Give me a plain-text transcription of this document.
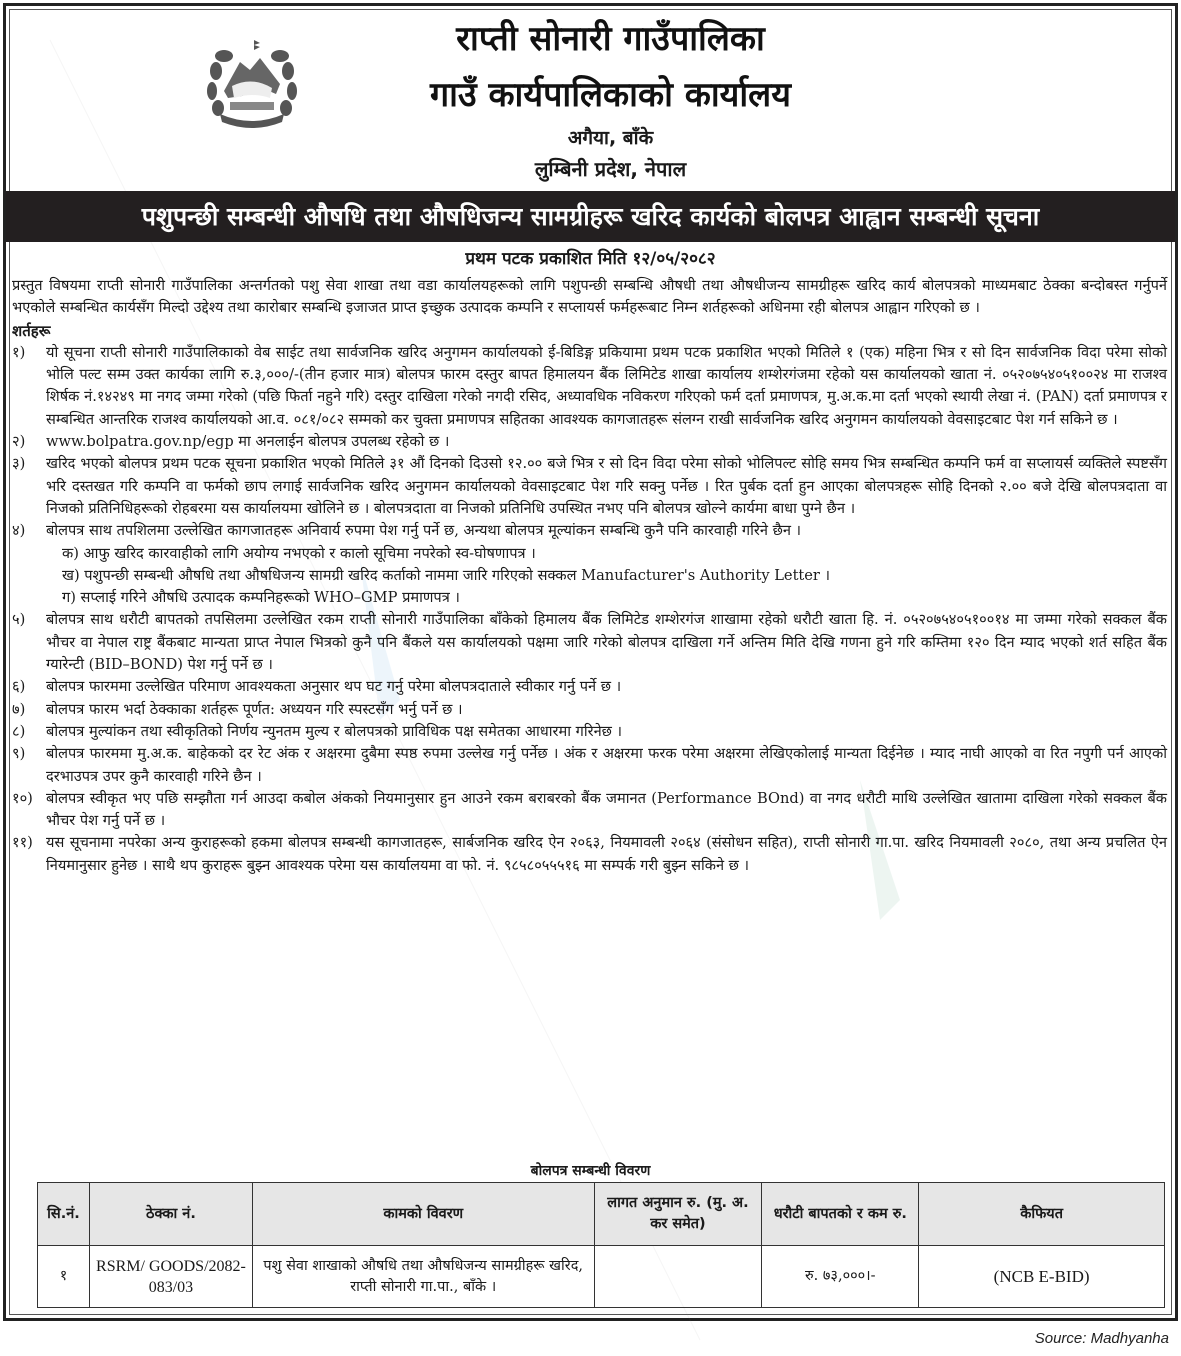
राप्ती सोनारी गाउँपालिका
गाउँ कार्यपालिकाको कार्यालय
अगैया, बाँके
लुम्बिनी प्रदेश, नेपाल
पशुपन्छी सम्बन्धी औषधि तथा औषधिजन्य सामग्रीहरू खरिद कार्यको बोलपत्र आह्वान सम्बन्धी सूचना
प्रथम पटक प्रकाशित मिति १२/०५/२०८२

प्रस्तुत विषयमा राप्ती सोनारी गाउँपालिका अन्तर्गतको पशु सेवा शाखा तथा वडा कार्यालयहरूको लागि पशुपन्छी सम्बन्धि औषधी तथा औषधीजन्य सामग्रीहरू खरिद कार्य बोलपत्रको माध्यमबाट ठेक्का बन्दोबस्त गर्नुपर्ने भएकोले सम्बन्धित कार्यसँग मिल्दो उद्देश्य तथा कारोबार सम्बन्धि इजाजत प्राप्त इच्छुक उत्पादक कम्पनि र सप्लायर्स फर्महरूबाट निम्न शर्तहरूको अधिनमा रही बोलपत्र आह्वान गरिएको छ ।

शर्तहरू
१)	यो सूचना राप्ती सोनारी गाउँपालिकाको वेब साईट तथा सार्वजनिक खरिद अनुगमन कार्यालयको ई-बिडिङ्ग प्रकियामा प्रथम पटक प्रकाशित भएको मितिले १ (एक) महिना भित्र र सो दिन सार्वजनिक विदा परेमा सोको भोलि पल्ट सम्म उक्त कार्यका लागि रु.३,०००/-(तीन हजार मात्र) बोलपत्र फारम दस्तुर बापत हिमालयन बैंक लिमिटेड शाखा कार्यालय शम्शेरगंजमा रहेको यस कार्यालयको खाता नं. ०५२०७५४०५१००२४ मा राजश्व शिर्षक नं.१४२४९ मा नगद जम्मा गरेको (पछि फिर्ता नहुने गरि) दस्तुर दाखिला गरेको नगदी रसिद, अध्यावधिक नविकरण गरिएको फर्म दर्ता प्रमाणपत्र, मु.अ.क.मा दर्ता भएको स्थायी लेखा नं. (PAN) दर्ता प्रमाणपत्र र सम्बन्धित आन्तरिक राजश्व कार्यालयको आ.व. ०८१/०८२ सम्मको कर चुक्ता प्रमाणपत्र सहितका आवश्यक कागजातहरू संलग्न राखी सार्वजनिक खरिद अनुगमन कार्यालयको वेवसाइटबाट पेश गर्न सकिने छ ।
२)	www.bolpatra.gov.np/egp मा अनलाईन बोलपत्र उपलब्ध रहेको छ ।
३)	खरिद भएको बोलपत्र प्रथम पटक सूचना प्रकाशित भएको मितिले ३१ औं दिनको दिउसो १२.०० बजे भित्र र सो दिन विदा परेमा सोको भोलिपल्ट सोहि समय भित्र सम्बन्धित कम्पनि फर्म वा सप्लायर्स व्यक्तिले स्पष्टसँग भरि दस्तखत गरि कम्पनि वा फर्मको छाप लगाई सार्वजनिक खरिद अनुगमन कार्यालयको वेवसाइटबाट पेश गरि सक्नु पर्नेछ । रित पुर्बक दर्ता हुन आएका बोलपत्रहरू सोहि दिनको २.०० बजे देखि बोलपत्रदाता वा निजको प्रतिनिधिहरूको रोहबरमा यस कार्यालयमा खोलिने छ । बोलपत्रदाता वा निजको प्रतिनिधि उपस्थित नभए पनि बोलपत्र खोल्ने कार्यमा बाधा पुग्ने छैन ।
४)	बोलपत्र साथ तपशिलमा उल्लेखित कागजातहरू अनिवार्य रुपमा पेश गर्नु पर्ने छ, अन्यथा बोलपत्र मूल्यांकन सम्बन्धि कुनै पनि कारवाही गरिने छैन ।
क) आफु खरिद कारवाहीको लागि अयोग्य नभएको र कालो सूचिमा नपरेको स्व-घोषणापत्र ।
ख) पशुपन्छी सम्बन्धी औषधि तथा औषधिजन्य सामग्री खरिद कर्ताको नाममा जारि गरिएको सक्कल Manufacturer's Authority Letter ।
ग) सप्लाई गरिने औषधि उत्पादक कम्पनिहरूको WHO–GMP प्रमाणपत्र ।
५)	बोलपत्र साथ धरौटी बापतको तपसिलमा उल्लेखित रकम राप्ती सोनारी गाउँपालिका बाँकेको हिमालय बैंक लिमिटेड शम्शेरगंज शाखामा रहेको धरौटी खाता हि. नं. ०५२०७५४०५१००१४ मा जम्मा गरेको सक्कल बैंक भौचर वा नेपाल राष्ट्र बैंकबाट मान्यता प्राप्त नेपाल भित्रको कुनै पनि बैंकले यस कार्यालयको पक्षमा जारि गरेको बोलपत्र दाखिला गर्ने अन्तिम मिति देखि गणना हुने गरि कम्तिमा १२० दिन म्याद भएको शर्त सहित बैंक ग्यारेन्टी (BID–BOND) पेश गर्नु पर्ने छ ।
६)	बोलपत्र फारममा उल्लेखित परिमाण आवश्यकता अनुसार थप घट गर्नु परेमा बोलपत्रदाताले स्वीकार गर्नु पर्ने छ ।
७)	बोलपत्र फारम भर्दा ठेक्काका शर्तहरू पूर्णत: अध्ययन गरि स्पस्टसँग भर्नु पर्ने छ ।
८)	बोलपत्र मुल्यांकन तथा स्वीकृतिको निर्णय न्युनतम मुल्य र बोलपत्रको प्राविधिक पक्ष समेतका आधारमा गरिनेछ ।
९)	बोलपत्र फारममा मु.अ.क. बाहेकको दर रेट अंक र अक्षरमा दुबैमा स्पष्ठ रुपमा उल्लेख गर्नु पर्नेछ । अंक र अक्षरमा फरक परेमा अक्षरमा लेखिएकोलाई मान्यता दिईनेछ । म्याद नाघी आएको वा रित नपुगी पर्न आएको दरभाउपत्र उपर कुनै कारवाही गरिने छैन ।
१०) बोलपत्र स्वीकृत भए पछि सम्झौता गर्न आउदा कबोल अंकको नियमानुसार हुन आउने रकम बराबरको बैंक जमानत (Performance BOnd) वा नगद धरौटी माथि उल्लेखित खातामा दाखिला गरेको सक्कल बैंक भौचर पेश गर्नु पर्ने छ ।
११) यस सूचनामा नपरेका अन्य कुराहरूको हकमा बोलपत्र सम्बन्धी कागजातहरू, सार्बजनिक खरिद ऐन २०६३, नियमावली २०६४ (संसोधन सहित), राप्ती सोनारी गा.पा. खरिद नियमावली २०८०, तथा अन्य प्रचलित ऐन नियमानुसार हुनेछ । साथै थप कुराहरू बुझ्न आवश्यक परेमा यस कार्यालयमा वा फो. नं. ९८५८०५५५१६ मा सम्पर्क गरी बुझ्न सकिने छ ।
बोलपत्र सम्बन्धी विवरण
सि.नं.	ठेक्का नं.	कामको विवरण	लागत अनुमान रु. (मु. अ. कर समेत)	धरौटी बापतको र कम रु.	कैफियत
१	RSRM/ GOODS/2082-083/03	पशु सेवा शाखाको औषधि तथा औषधिजन्य सामग्रीहरू खरिद, राप्ती सोनारी गा.पा., बाँके ।		रु. ७३,०००।-	(NCB E-BID)
Source: Madhyanha
